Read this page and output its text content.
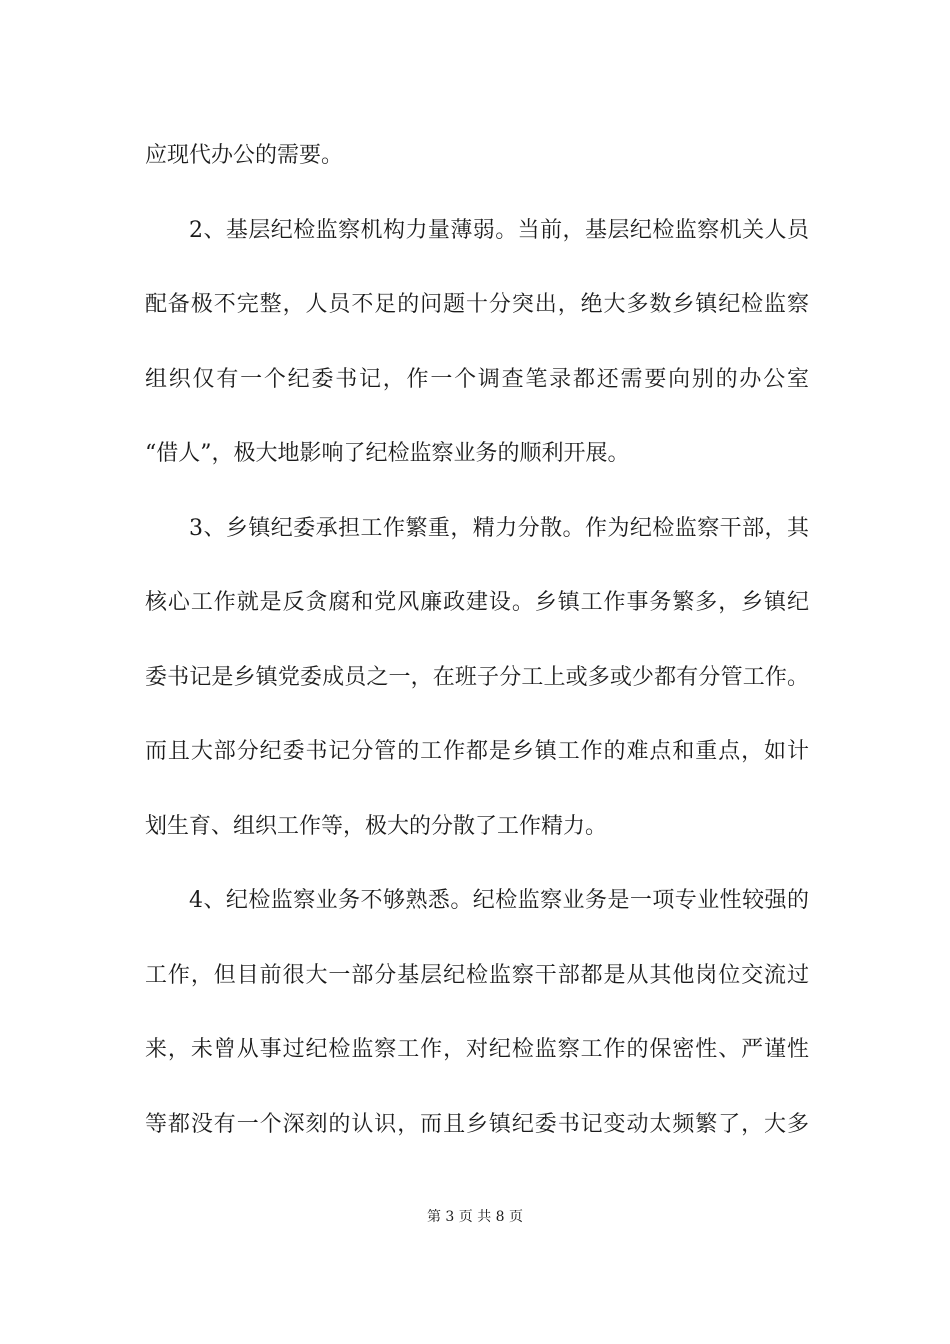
应现代办公的需要。
2、基层纪检监察机构力量薄弱。当前，基层纪检监察机关人员
配备极不完整，人员不足的问题十分突出，绝大多数乡镇纪检监察
组织仅有一个纪委书记，作一个调查笔录都还需要向别的办公室
“借人”，极大地影响了纪检监察业务的顺利开展。
3、乡镇纪委承担工作繁重，精力分散。作为纪检监察干部，其
核心工作就是反贪腐和党风廉政建设。乡镇工作事务繁多，乡镇纪
委书记是乡镇党委成员之一，在班子分工上或多或少都有分管工作。
而且大部分纪委书记分管的工作都是乡镇工作的难点和重点，如计
划生育、组织工作等，极大的分散了工作精力。
4、纪检监察业务不够熟悉。纪检监察业务是一项专业性较强的
工作，但目前很大一部分基层纪检监察干部都是从其他岗位交流过
来，未曾从事过纪检监察工作，对纪检监察工作的保密性、严谨性
等都没有一个深刻的认识，而且乡镇纪委书记变动太频繁了，大多
第 3 页 共 8 页
